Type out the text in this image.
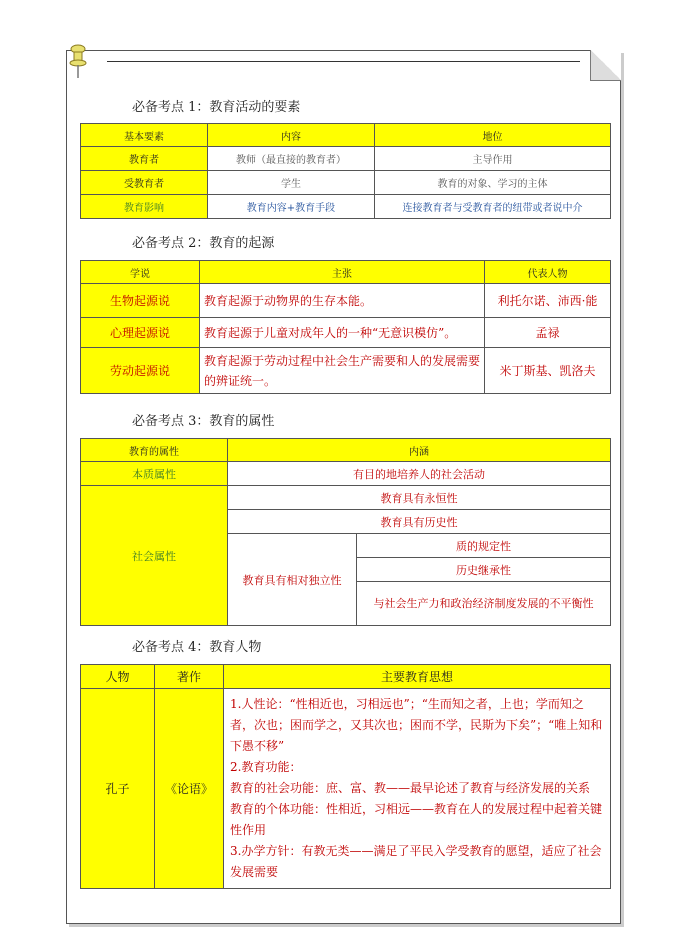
必备考点 1：教育活动的要素
基本要素	内容	地位
教育者	教师（最直接的教育者）	主导作用
受教育者	学生	教育的对象、学习的主体
教育影响	教育内容+教育手段	连接教育者与受教育者的纽带或者说中介
必备考点 2：教育的起源
学说	主张	代表人物
生物起源说	教育起源于动物界的生存本能。	利托尔诺、沛西·能
心理起源说	教育起源于儿童对成年人的一种“无意识模仿”。	孟禄
劳动起源说	教育起源于劳动过程中社会生产需要和人的发展需要的辨证统一。	米丁斯基、凯洛夫
必备考点 3：教育的属性
教育的属性	内涵	
本质属性	有目的地培养人的社会活动	
社会属性	教育具有永恒性	
	教育具有历史性	
	教育具有相对独立性	质的规定性
		历史继承性
		与社会生产力和政治经济制度发展的不平衡性
必备考点 4：教育人物
人物	著作	主要教育思想
孔子	《论语》	1.人性论：“性相近也，习相远也”；“生而知之者，上也；学而知之者，次也；困而学之，又其次也；困而不学，民斯为下矣”；“唯上知和下愚不移”
2.教育功能：
教育的社会功能：庶、富、教——最早论述了教育与经济发展的关系
教育的个体功能：性相近，习相远——教育在人的发展过程中起着关键性作用
3.办学方针：有教无类——满足了平民入学受教育的愿望，适应了社会发展需要
